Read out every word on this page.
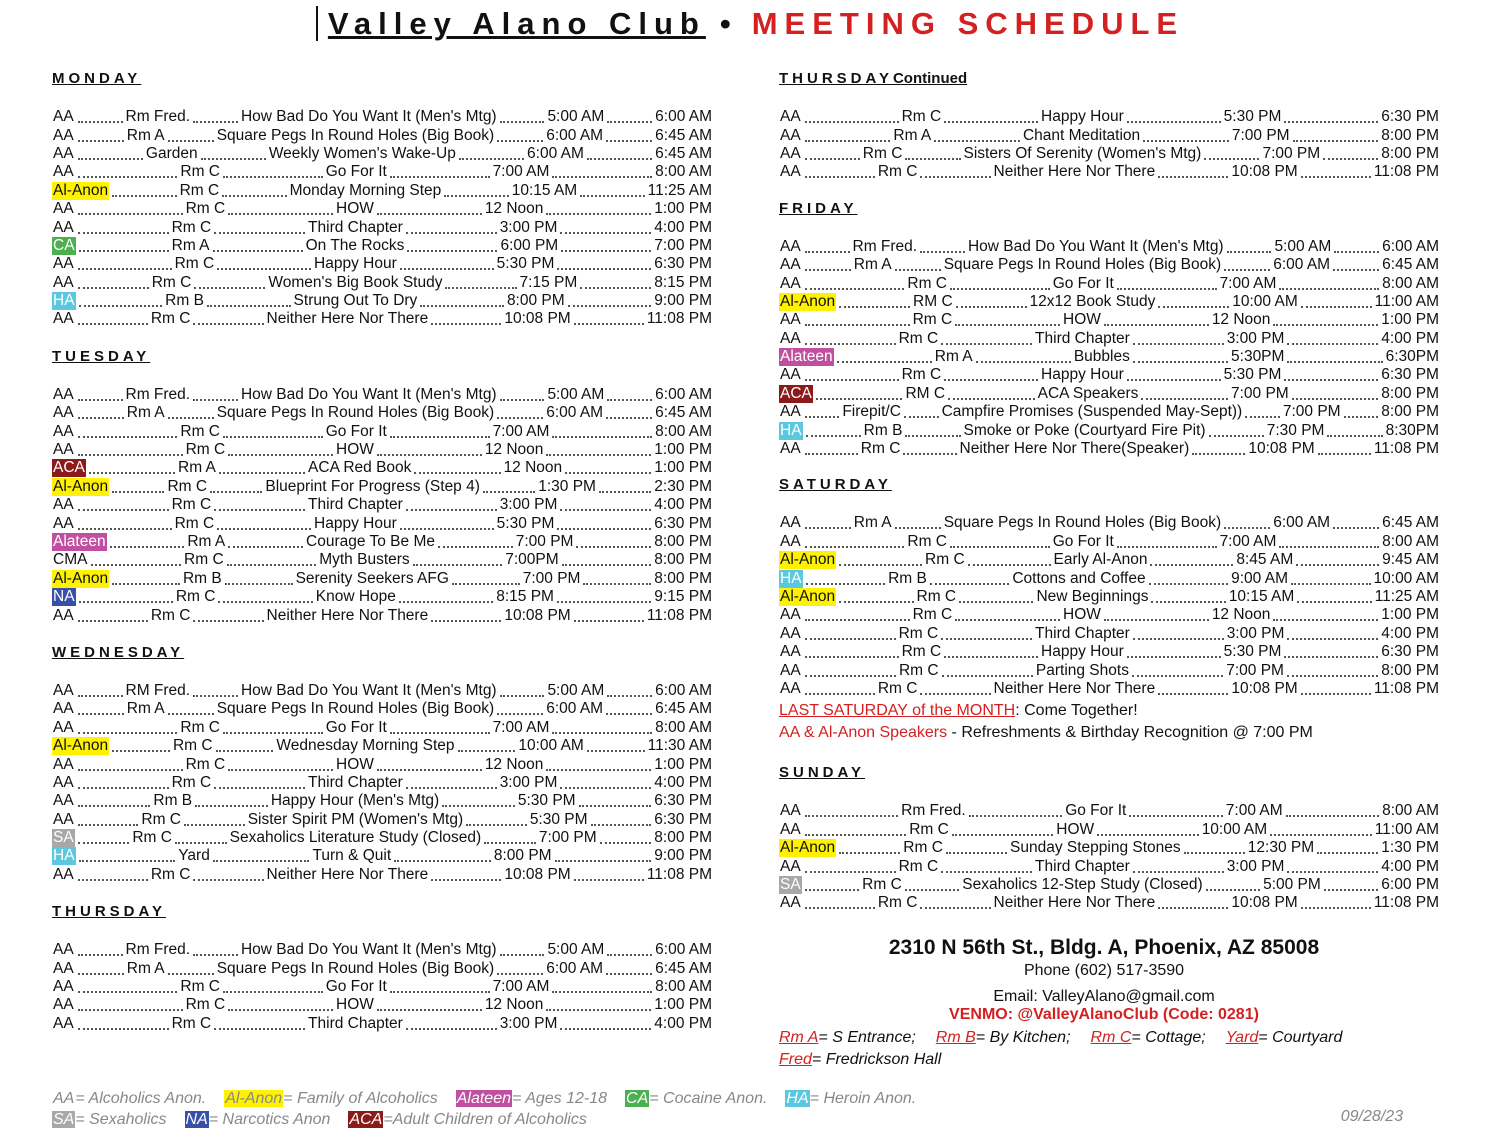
Valley Alano Club • MEETING SCHEDULE
MONDAY
AA	Rm Fred.	How Bad Do You Want It (Men's Mtg)	5:00 AM	6:00 AM
AA	Rm A	Square Pegs In Round Holes (Big Book)	6:00 AM	6:45 AM
AA	Garden	Weekly Women's Wake-Up	6:00 AM	6:45 AM
AA	Rm C	Go For It	7:00 AM	8:00 AM
Al-Anon	Rm C	Monday Morning Step	10:15 AM	11:25 AM
AA	Rm C	HOW	12 Noon	1:00 PM
AA	Rm C	Third Chapter	3:00 PM	4:00 PM
CA	Rm A	On The Rocks	6:00 PM	7:00 PM
AA	Rm C	Happy Hour	5:30 PM	6:30 PM
AA	Rm C	Women's Big Book Study	7:15 PM	8:15 PM
HA	Rm B	Strung Out To Dry	8:00 PM	9:00 PM
AA	Rm C	Neither Here Nor There	10:08 PM	11:08 PM
TUESDAY
AA	Rm Fred.	How Bad Do You Want It (Men's Mtg)	5:00 AM	6:00 AM
AA	Rm A	Square Pegs In Round Holes (Big Book)	6:00 AM	6:45 AM
AA	Rm C	Go For It	7:00 AM	8:00 AM
AA	Rm C	HOW	12 Noon	1:00 PM
ACA	Rm A	ACA Red Book	12 Noon	1:00 PM
Al-Anon	Rm C	Blueprint For Progress (Step 4)	1:30 PM	2:30 PM
AA	Rm C	Third Chapter	3:00 PM	4:00 PM
AA	Rm C	Happy Hour	5:30 PM	6:30 PM
Alateen	Rm A	Courage To Be Me	7:00 PM	8:00 PM
CMA	Rm C	Myth Busters	7:00PM	8:00 PM
Al-Anon	Rm B	Serenity Seekers AFG	7:00 PM	8:00 PM
NA	Rm C	Know Hope	8:15 PM	9:15 PM
AA	Rm C	Neither Here Nor There	10:08 PM	11:08 PM
WEDNESDAY
AA	RM Fred.	How Bad Do You Want It (Men's Mtg)	5:00 AM	6:00 AM
AA	Rm A	Square Pegs In Round Holes (Big Book)	6:00 AM	6:45 AM
AA	Rm C	Go For It	7:00 AM	8:00 AM
Al-Anon	Rm C	Wednesday Morning Step	10:00 AM	11:30 AM
AA	Rm C	HOW	12 Noon	1:00 PM
AA	Rm C	Third Chapter	3:00 PM	4:00 PM
AA	Rm B	Happy Hour (Men's Mtg)	5:30 PM	6:30 PM
AA	Rm C	Sister Spirit PM (Women's Mtg)	5:30 PM	6:30 PM
SA	Rm C	Sexaholics Literature Study (Closed)	7:00 PM	8:00 PM
HA	Yard	Turn & Quit	8:00 PM	9:00 PM
AA	Rm C	Neither Here Nor There	10:08 PM	11:08 PM
THURSDAY
AA	Rm Fred.	How Bad Do You Want It (Men's Mtg)	5:00 AM	6:00 AM
AA	Rm A	Square Pegs In Round Holes (Big Book)	6:00 AM	6:45 AM
AA	Rm C	Go For It	7:00 AM	8:00 AM
AA	Rm C	HOW	12 Noon	1:00 PM
AA	Rm C	Third Chapter	3:00 PM	4:00 PM
THURSDAYContinued
AA	Rm C	Happy Hour	5:30 PM	6:30 PM
AA	Rm A	Chant Meditation	7:00 PM	8:00 PM
AA	Rm C	Sisters Of Serenity (Women's Mtg)	7:00 PM	8:00 PM
AA	Rm C	Neither Here Nor There	10:08 PM	11:08 PM
FRIDAY
AA	Rm Fred.	How Bad Do You Want It (Men's Mtg)	5:00 AM	6:00 AM
AA	Rm A	Square Pegs In Round Holes (Big Book)	6:00 AM	6:45 AM
AA	Rm C	Go For It	7:00 AM	8:00 AM
Al-Anon	RM C	12x12 Book Study	10:00 AM	11:00 AM
AA	Rm C	HOW	12 Noon	1:00 PM
AA	Rm C	Third Chapter	3:00 PM	4:00 PM
Alateen	Rm A	Bubbles	5:30PM	6:30PM
AA	Rm C	Happy Hour	5:30 PM	6:30 PM
ACA	RM C	ACA Speakers	7:00 PM	8:00 PM
AA	Firepit/C	Campfire Promises (Suspended May-Sept))	7:00 PM	8:00 PM
HA	Rm B	Smoke or Poke (Courtyard Fire Pit)	7:30 PM	8:30PM
AA	Rm C	Neither Here Nor There(Speaker)	10:08 PM	11:08 PM
SATURDAY
AA	Rm A	Square Pegs In Round Holes (Big Book)	6:00 AM	6:45 AM
AA	Rm C	Go For It	7:00 AM	8:00 AM
Al-Anon	Rm C	Early Al-Anon	8:45 AM	9:45 AM
HA	Rm B	Cottons and Coffee	9:00 AM	10:00 AM
Al-Anon	Rm C	New Beginnings	10:15 AM	11:25 AM
AA	Rm C	HOW	12 Noon	1:00 PM
AA	Rm C	Third Chapter	3:00 PM	4:00 PM
AA	Rm C	Happy Hour	5:30 PM	6:30 PM
AA	Rm C	Parting Shots	7:00 PM	8:00 PM
AA	Rm C	Neither Here Nor There	10:08 PM	11:08 PM
LAST SATURDAY of the MONTH: Come Together!
AA & Al-Anon Speakers - Refreshments & Birthday Recognition @ 7:00 PM
SUNDAY
AA	Rm Fred.	Go For It	7:00 AM	8:00 AM
AA	Rm C	HOW	10:00 AM	11:00 AM
Al-Anon	Rm C	Sunday Stepping Stones	12:30 PM	1:30 PM
AA	Rm C	Third Chapter	3:00 PM	4:00 PM
SA	Rm C	Sexaholics 12-Step Study (Closed)	5:00 PM	6:00 PM
AA	Rm C	Neither Here Nor There	10:08 PM	11:08 PM
2310 N 56th St., Bldg. A, Phoenix, AZ 85008
Phone (602) 517-3590
Email: ValleyAlano@gmail.com
VENMO: @ValleyAlanoClub (Code: 0281)
Rm A= S Entrance; Rm B= By Kitchen; Rm C= Cottage; Yard= Courtyard
Fred= Fredrickson Hall
AA= Alcoholics Anon. Al-Anon= Family of Alcoholics Alateen= Ages 12-18 CA= Cocaine Anon. HA= Heroin Anon.
SA= Sexaholics NA= Narcotics Anon ACA=Adult Children of Alcoholics	09/28/23
